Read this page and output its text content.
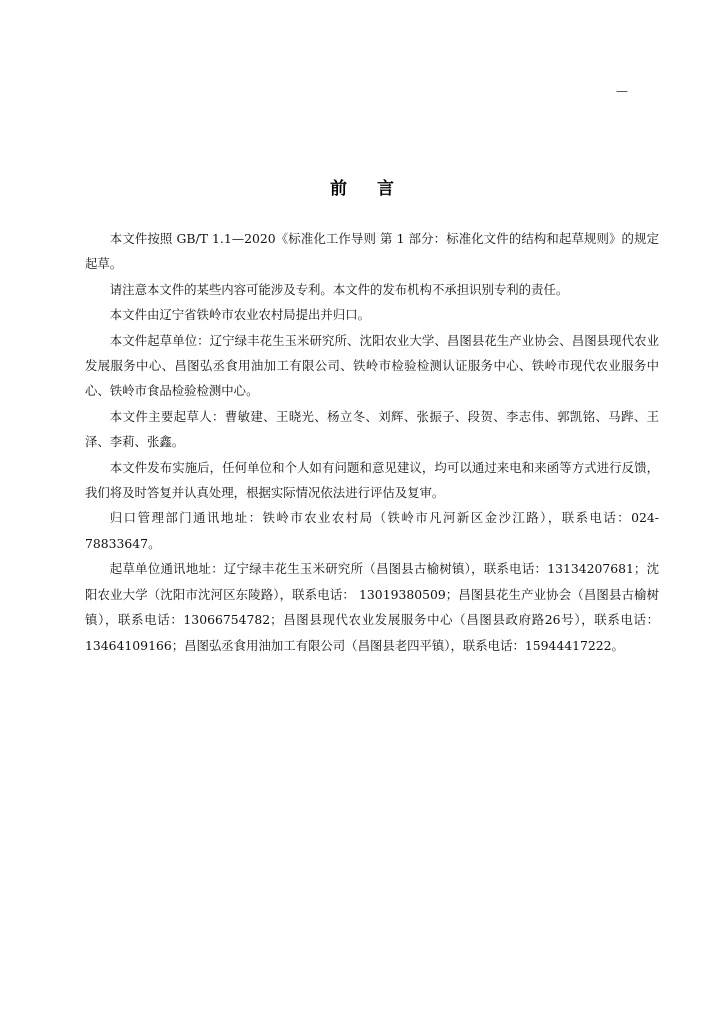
—
前言

本文件按照 GB/T 1.1—2020《标准化工作导则 第 1 部分：标准化文件的结构和起草规则》的规定起草。

请注意本文件的某些内容可能涉及专利。本文件的发布机构不承担识别专利的责任。

本文件由辽宁省铁岭市农业农村局提出并归口。

本文件起草单位：辽宁绿丰花生玉米研究所、沈阳农业大学、昌图县花生产业协会、昌图县现代农业发展服务中心、昌图弘丞食用油加工有限公司、铁岭市检验检测认证服务中心、铁岭市现代农业服务中心、铁岭市食品检验检测中心。

本文件主要起草人：曹敏建、王晓光、杨立冬、刘辉、张振子、段贺、李志伟、郭凯铭、马跸、王泽、李莉、张鑫。

本文件发布实施后，任何单位和个人如有问题和意见建议，均可以通过来电和来函等方式进行反馈，我们将及时答复并认真处理，根据实际情况依法进行评估及复审。

归口管理部门通讯地址：铁岭市农业农村局（铁岭市凡河新区金沙江路），联系电话：024-78833647。

起草单位通讯地址：辽宁绿丰花生玉米研究所（昌图县古榆树镇），联系电话：13134207681；沈阳农业大学（沈阳市沈河区东陵路），联系电话： 13019380509；昌图县花生产业协会（昌图县古榆树镇），联系电话：13066754782；昌图县现代农业发展服务中心（昌图县政府路26号），联系电话：13464109166；昌图弘丞食用油加工有限公司（昌图县老四平镇），联系电话：15944417222。
